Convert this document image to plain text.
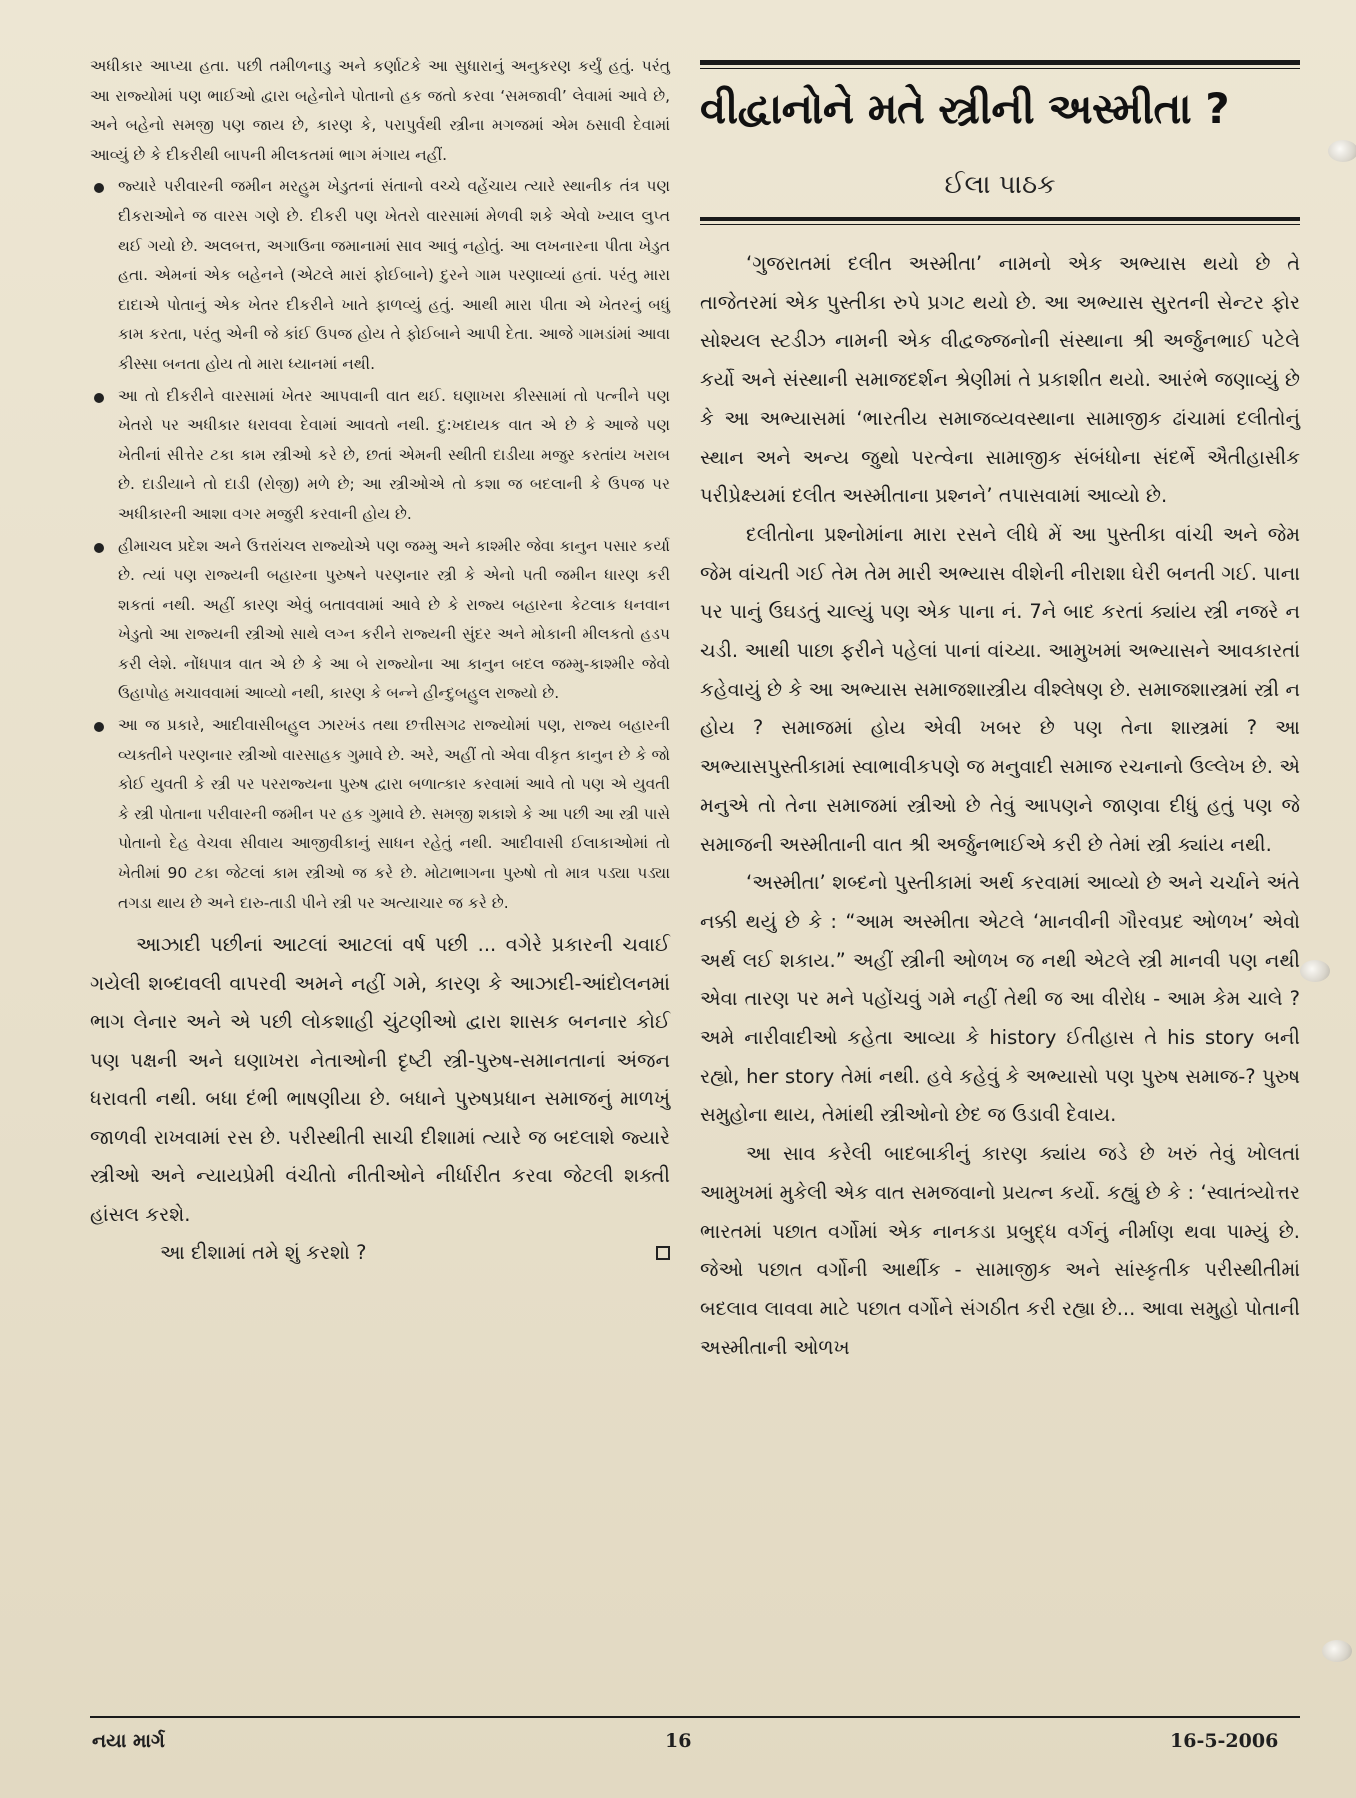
અધીકાર આપ્યા હતા. પછી તમીળનાડુ અને કર્ણાટકે આ સુધારાનું અનુકરણ કર્યું હતું. પરંતુ આ રાજ્યોમાં પણ ભાઈઓ દ્વારા બહેનોને પોતાનો હક જતો કરવા ‘સમજાવી’ લેવામાં આવે છે, અને બહેનો સમજી પણ જાય છે, કારણ કે, પરાપુર્વથી સ્ત્રીના મગજમાં એમ ઠસાવી દેવામાં આવ્યું છે કે દીકરીથી બાપની મીલકતમાં ભાગ મંગાય નહીં.

જ્યારે પરીવારની જમીન મરહુમ ખેડુતનાં સંતાનો વચ્ચે વહેંચાય ત્યારે સ્થાનીક તંત્ર પણ દીકરાઓને જ વારસ ગણે છે. દીકરી પણ ખેતરો વારસામાં મેળવી શકે એવો ખ્યાલ લુપ્ત થઈ ગયો છે. અલબત્ત, અગાઉના જમાનામાં સાવ આવું નહોતું. આ લખનારના પીતા ખેડુત હતા. એમનાં એક બહેનને (એટલે મારાં ફોઈબાને) દુરને ગામ પરણાવ્યાં હતાં. પરંતુ મારા દાદાએ પોતાનું એક ખેતર દીકરીને ખાતે ફાળવ્યું હતું. આથી મારા પીતા એ ખેતરનું બધું કામ કરતા, પરંતુ એની જે કાંઈ ઉપજ હોય તે ફોઈબાને આપી દેતા. આજે ગામડાંમાં આવા કીસ્સા બનતા હોય તો મારા ધ્યાનમાં નથી.
આ તો દીકરીને વારસામાં ખેતર આપવાની વાત થઈ. ઘણાખરા કીસ્સામાં તો પત્નીને પણ ખેતરો પર અધીકાર ધરાવવા દેવામાં આવતો નથી. દુ:ખદાયક વાત એ છે કે આજે પણ ખેતીનાં સીત્તેર ટકા કામ સ્ત્રીઓ કરે છે, છતાં એમની સ્થીતી દાડીયા મજુર કરતાંય ખરાબ છે. દાડીયાને તો દાડી (રોજી) મળે છે; આ સ્ત્રીઓએ તો કશા જ બદલાની કે ઉપજ પર અધીકારની આશા વગર મજુરી કરવાની હોય છે.
હીમાચલ પ્રદેશ અને ઉત્તરાંચલ રાજ્યોએ પણ જમ્મુ અને કાશ્મીર જેવા કાનુન પસાર કર્યા છે. ત્યાં પણ રાજ્યની બહારના પુરુષને પરણનાર સ્ત્રી કે એનો પતી જમીન ધારણ કરી શકતાં નથી. અહીં કારણ એવું બતાવવામાં આવે છે કે રાજ્ય બહારના કેટલાક ધનવાન ખેડુતો આ રાજ્યની સ્ત્રીઓ સાથે લગ્ન કરીને રાજ્યની સુંદર અને મોકાની મીલકતો હડપ કરી લેશે. નોંધપાત્ર વાત એ છે કે આ બે રાજ્યોના આ કાનુન બદલ જમ્મુ-કાશ્મીર જેવો ઉહાપોહ મચાવવામાં આવ્યો નથી, કારણ કે બન્ને હીન્દુબહુલ રાજ્યો છે.
આ જ પ્રકારે, આદીવાસીબહુલ ઝારખંડ તથા છત્તીસગઢ રાજ્યોમાં પણ, રાજ્ય બહારની વ્યક્તીને પરણનાર સ્ત્રીઓ વારસાહક ગુમાવે છે. અરે, અહીં તો એવા વીકૃત કાનુન છે કે જો કોઈ યુવતી કે સ્ત્રી પર પરરાજ્યના પુરુષ દ્વારા બળાત્કાર કરવામાં આવે તો પણ એ યુવતી કે સ્ત્રી પોતાના પરીવારની જમીન પર હક ગુમાવે છે. સમજી શકાશે કે આ પછી આ સ્ત્રી પાસે પોતાનો દેહ વેચવા સીવાય આજીવીકાનું સાધન રહેતું નથી. આદીવાસી ઈલાકાઓમાં તો ખેતીમાં 90 ટકા જેટલાં કામ સ્ત્રીઓ જ કરે છે. મોટાભાગના પુરુષો તો માત્ર પડ્યા પડ્યા તગડા થાય છે અને દારુ-તાડી પીને સ્ત્રી પર અત્યાચાર જ કરે છે.

આઝાદી પછીનાં આટલાં આટલાં વર્ષ પછી ... વગેરે પ્રકારની ચવાઈ ગયેલી શબ્દાવલી વાપરવી અમને નહીં ગમે, કારણ કે આઝાદી-આંદોલનમાં ભાગ લેનાર અને એ પછી લોકશાહી ચુંટણીઓ દ્વારા શાસક બનનાર કોઈ પણ પક્ષની અને ઘણાખરા નેતાઓની દૃષ્ટી સ્ત્રી-પુરુષ-સમાનતાનાં અંજન ધરાવતી નથી. બધા દંભી ભાષણીયા છે. બધાને પુરુષપ્રધાન સમાજનું માળખું જાળવી રાખવામાં રસ છે. પરીસ્થીતી સાચી દીશામાં ત્યારે જ બદલાશે જ્યારે સ્ત્રીઓ અને ન્યાયપ્રેમી વંચીતો નીતીઓને નીર્ધારીત કરવા જેટલી શક્તી હાંસલ કરશે.

આ દીશામાં તમે શું કરશો ?

વીદ્વાનોને મતે સ્ત્રીની અસ્મીતા ?
ઈલા પાઠક

‘ગુજરાતમાં દલીત અસ્મીતા’ નામનો એક અભ્યાસ થયો છે તે તાજેતરમાં એક પુસ્તીકા રુપે પ્રગટ થયો છે. આ અભ્યાસ સુરતની સેન્ટર ફોર સોશ્યલ સ્ટડીઝ નામની એક વીદ્વજ્જનોની સંસ્થાના શ્રી અર્જુનભાઈ પટેલે કર્યો અને સંસ્થાની સમાજદર્શન શ્રેણીમાં તે પ્રકાશીત થયો. આરંભે જણાવ્યું છે કે આ અભ્યાસમાં ‘ભારતીય સમાજવ્યવસ્થાના સામાજીક ઢાંચામાં દલીતોનું સ્થાન અને અન્ય જુથો પરત્વેના સામાજીક સંબંધોના સંદર્ભે ઐતીહાસીક પરીપ્રેક્ષ્યમાં દલીત અસ્મીતાના પ્રશ્નને’ તપાસવામાં આવ્યો છે.

દલીતોના પ્રશ્નોમાંના મારા રસને લીધે મેં આ પુસ્તીકા વાંચી અને જેમ જેમ વાંચતી ગઈ તેમ તેમ મારી અભ્યાસ વીશેની નીરાશા ઘેરી બનતી ગઈ. પાના પર પાનું ઉઘડતું ચાલ્યું પણ એક પાના નં. 7ને બાદ કરતાં ક્યાંય સ્ત્રી નજરે ન ચડી. આથી પાછા ફરીને પહેલાં પાનાં વાંચ્યા. આમુખમાં અભ્યાસને આવકારતાં કહેવાયું છે કે આ અભ્યાસ સમાજશાસ્ત્રીય વીશ્લેષણ છે. સમાજશાસ્ત્રમાં સ્ત્રી ન હોય ? સમાજમાં હોય એવી ખબર છે પણ તેના શાસ્ત્રમાં ? આ અભ્યાસપુસ્તીકામાં સ્વાભાવીકપણે જ મનુવાદી સમાજ રચનાનો ઉલ્લેખ છે. એ મનુએ તો તેના સમાજમાં સ્ત્રીઓ છે તેવું આપણને જાણવા દીધું હતું પણ જે સમાજની અસ્મીતાની વાત શ્રી અર્જુનભાઈએ કરી છે તેમાં સ્ત્રી ક્યાંય નથી.

‘અસ્મીતા’ શબ્દનો પુસ્તીકામાં અર્થ કરવામાં આવ્યો છે અને ચર્ચાને અંતે નક્કી થયું છે કે : “આમ અસ્મીતા એટલે ‘માનવીની ગૌરવપ્રદ ઓળખ’ એવો અર્થ લઈ શકાય.” અહીં સ્ત્રીની ઓળખ જ નથી એટલે સ્ત્રી માનવી પણ નથી એવા તારણ પર મને પહોંચવું ગમે નહીં તેથી જ આ વીરોધ - આમ કેમ ચાલે ? અમે નારીવાદીઓ કહેતા આવ્યા કે history ઈતીહાસ તે his story બની રહ્યો, her story તેમાં નથી. હવે કહેવું કે અભ્યાસો પણ પુરુષ સમાજ-? પુરુષ સમુહોના થાય, તેમાંથી સ્ત્રીઓનો છેદ જ ઉડાવી દેવાય.

આ સાવ કરેલી બાદબાકીનું કારણ ક્યાંય જડે છે ખરું તેવું ખોલતાં આમુખમાં મુકેલી એક વાત સમજવાનો પ્રયત્ન કર્યો. કહ્યું છે કે : ‘સ્વાતંત્ર્યોત્તર ભારતમાં પછાત વર્ગોમાં એક નાનકડા પ્રબુદ્ધ વર્ગનું નીર્માણ થવા પામ્યું છે. જેઓ પછાત વર્ગોની આર્થીક - સામાજીક અને સાંસ્કૃતીક પરીસ્થીતીમાં બદલાવ લાવવા માટે પછાત વર્ગોને સંગઠીત કરી રહ્યા છે... આવા સમુહો પોતાની અસ્મીતાની ઓળખ

નયા માર્ગ	16	16-5-2006
